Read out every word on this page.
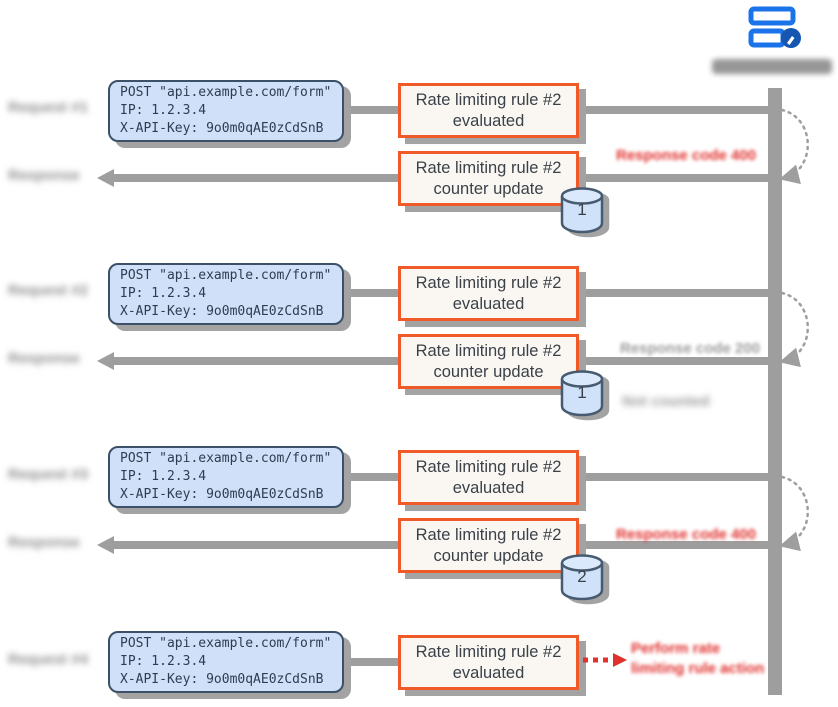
Request #1
POST "api.example.com/form"
IP: 1.2.3.4
X-API-Key: 9o0m0qAE0zCdSnB
Rate limiting rule #2
evaluated
Response	Rate limiting rule #2
counter update
Response code 400
1
Request #2
POST "api.example.com/form"
IP: 1.2.3.4
X-API-Key: 9o0m0qAE0zCdSnB
Rate limiting rule #2
evaluated
Response	Rate limiting rule #2
counter update
Response code 200
1	Not counted
Request #3
POST "api.example.com/form"
IP: 1.2.3.4
X-API-Key: 9o0m0qAE0zCdSnB
Rate limiting rule #2
evaluated
Response	Rate limiting rule #2
counter update
Response code 400
2
Request #4
POST "api.example.com/form"
IP: 1.2.3.4
X-API-Key: 9o0m0qAE0zCdSnB
Rate limiting rule #2
evaluated
Perform rate
limiting rule action
